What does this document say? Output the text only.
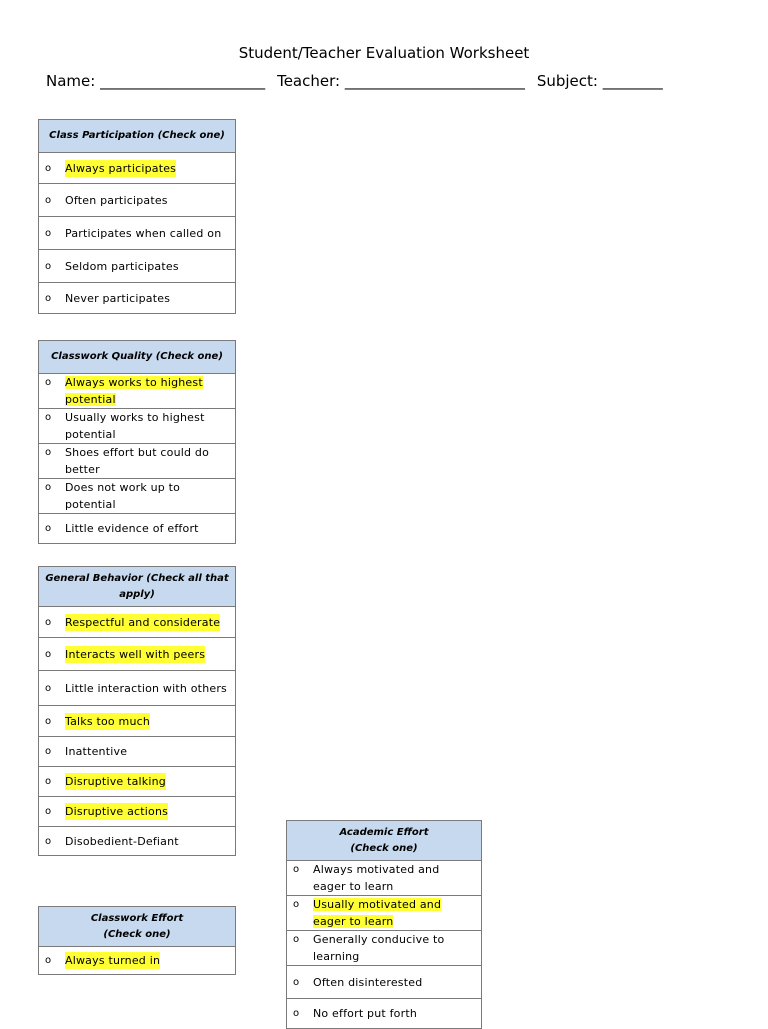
Student/Teacher Evaluation Worksheet
Name: ______________________ Teacher: ________________________ Subject: ________
Class Participation (Check one)

o	Always participates

o	Often participates

o	Participates when called on

o	Seldom participates

o	Never participates
Classwork Quality (Check one)

o	Always works to highest potential

o	Usually works to highest potential

o	Shoes effort but could do better

o	Does not work up to potential

o	Little evidence of effort
General Behavior (Check all that apply)

o	Respectful and considerate

o	Interacts well with peers

o	Little interaction with others

o	Talks too much

o	Inattentive

o	Disruptive talking

o	Disruptive actions

o	Disobedient-Defiant
Classwork Effort
(Check one)

o	Always turned in
Academic Effort
(Check one)

o	Always motivated and eager to learn

o	Usually motivated and eager to learn

o	Generally conducive to learning

o	Often disinterested

o	No effort put forth
